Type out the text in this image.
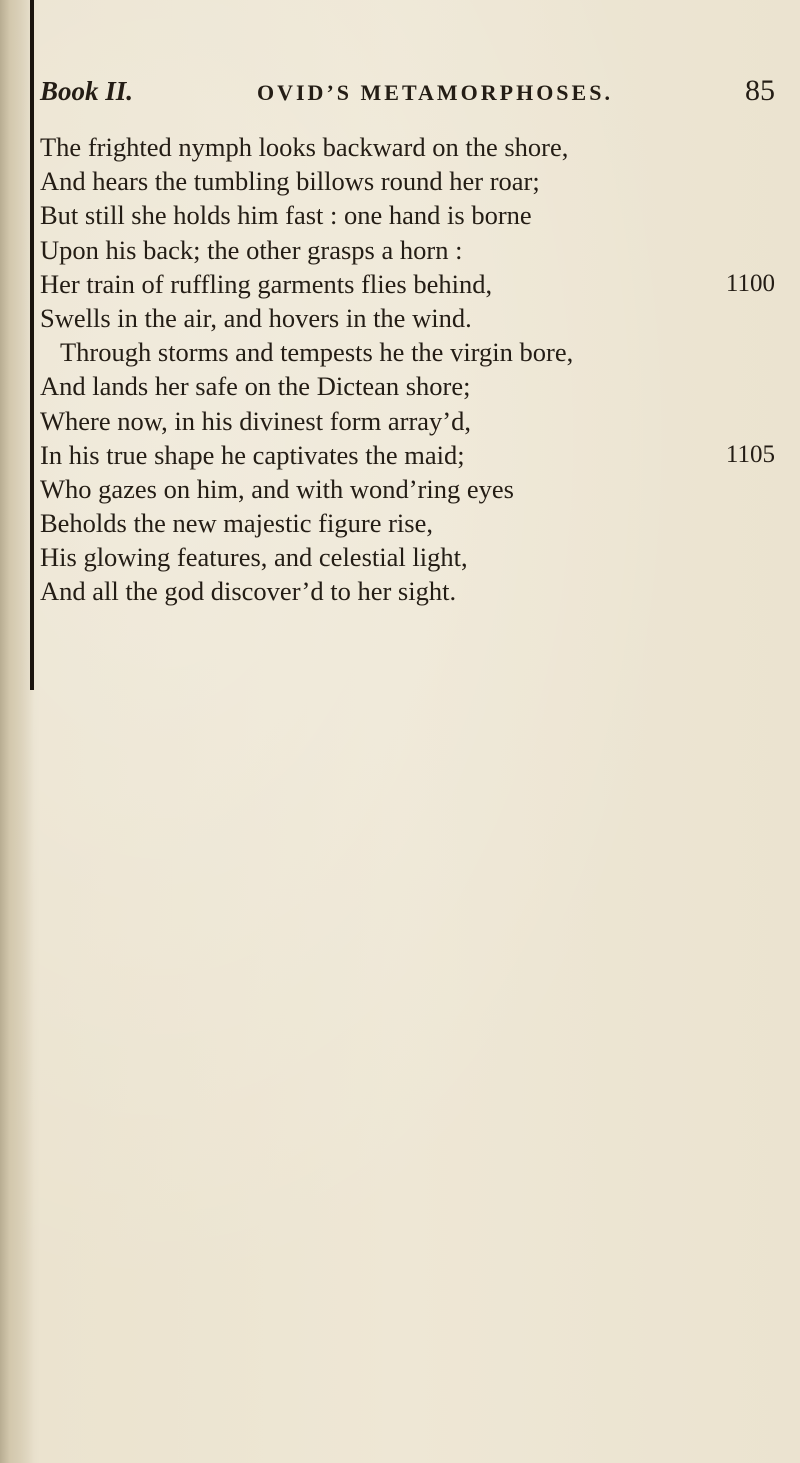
Book II.	OVID’S METAMORPHOSES.	85
The frighted nymph looks backward on the shore,
And hears the tumbling billows round her roar;
But still she holds him fast : one hand is borne
Upon his back; the other grasps a horn :
Her train of ruffling garments flies behind,	1100
Swells in the air, and hovers in the wind.
Through storms and tempests he the virgin bore,
And lands her safe on the Dictean shore;
Where now, in his divinest form array’d,
In his true shape he captivates the maid;	1105
Who gazes on him, and with wond’ring eyes
Beholds the new majestic figure rise,
His glowing features, and celestial light,
And all the god discover’d to her sight.
